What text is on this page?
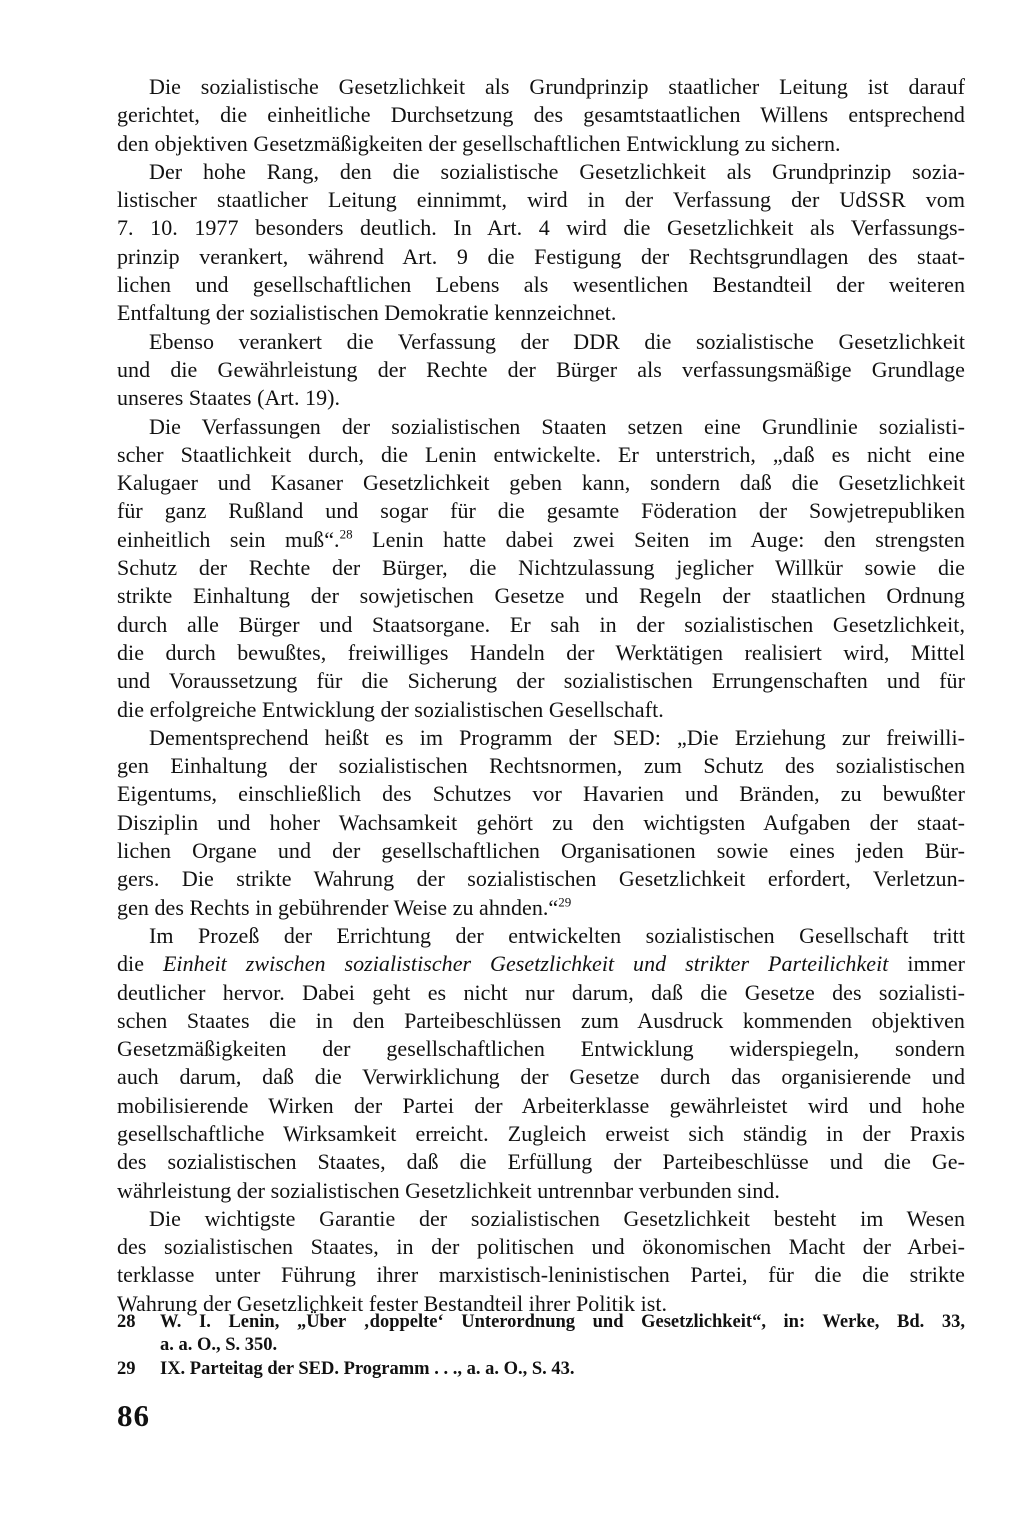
Die sozialistische Gesetzlichkeit als Grundprinzip staatlicher Leitung ist darauf
gerichtet, die einheitliche Durchsetzung des gesamtstaatlichen Willens entsprechend
den objektiven Gesetzmäßigkeiten der gesellschaftlichen Entwicklung zu sichern.

Der hohe Rang, den die sozialistische Gesetzlichkeit als Grundprinzip sozia-
listischer staatlicher Leitung einnimmt, wird in der Verfassung der UdSSR vom
7. 10. 1977 besonders deutlich. In Art. 4 wird die Gesetzlichkeit als Verfassungs-
prinzip verankert, während Art. 9 die Festigung der Rechtsgrundlagen des staat-
lichen und gesellschaftlichen Lebens als wesentlichen Bestandteil der weiteren
Entfaltung der sozialistischen Demokratie kennzeichnet.

Ebenso verankert die Verfassung der DDR die sozialistische Gesetzlichkeit
und die Gewährleistung der Rechte der Bürger als verfassungsmäßige Grundlage
unseres Staates (Art. 19).

Die Verfassungen der sozialistischen Staaten setzen eine Grundlinie sozialisti-
scher Staatlichkeit durch, die Lenin entwickelte. Er unterstrich, „daß es nicht eine
Kalugaer und Kasaner Gesetzlichkeit geben kann, sondern daß die Gesetzlichkeit
für ganz Rußland und sogar für die gesamte Föderation der Sowjetrepubliken
einheitlich sein muß“.$^{28}$ Lenin hatte dabei zwei Seiten im Auge: den strengsten
Schutz der Rechte der Bürger, die Nichtzulassung jeglicher Willkür sowie die
strikte Einhaltung der sowjetischen Gesetze und Regeln der staatlichen Ordnung
durch alle Bürger und Staatsorgane. Er sah in der sozialistischen Gesetzlichkeit,
die durch bewußtes, freiwilliges Handeln der Werktätigen realisiert wird, Mittel
und Voraussetzung für die Sicherung der sozialistischen Errungenschaften und für
die erfolgreiche Entwicklung der sozialistischen Gesellschaft.

Dementsprechend heißt es im Programm der SED: „Die Erziehung zur freiwilli-
gen Einhaltung der sozialistischen Rechtsnormen, zum Schutz des sozialistischen
Eigentums, einschließlich des Schutzes vor Havarien und Bränden, zu bewußter
Disziplin und hoher Wachsamkeit gehört zu den wichtigsten Aufgaben der staat-
lichen Organe und der gesellschaftlichen Organisationen sowie eines jeden Bür-
gers. Die strikte Wahrung der sozialistischen Gesetzlichkeit erfordert, Verletzun-
gen des Rechts in gebührender Weise zu ahnden.“$^{29}$

Im Prozeß der Errichtung der entwickelten sozialistischen Gesellschaft tritt
die Einheit zwischen sozialistischer Gesetzlichkeit und strikter Parteilichkeit immer
deutlicher hervor. Dabei geht es nicht nur darum, daß die Gesetze des sozialisti-
schen Staates die in den Parteibeschlüssen zum Ausdruck kommenden objektiven
Gesetzmäßigkeiten der gesellschaftlichen Entwicklung widerspiegeln, sondern
auch darum, daß die Verwirklichung der Gesetze durch das organisierende und
mobilisierende Wirken der Partei der Arbeiterklasse gewährleistet wird und hohe
gesellschaftliche Wirksamkeit erreicht. Zugleich erweist sich ständig in der Praxis
des sozialistischen Staates, daß die Erfüllung der Parteibeschlüsse und die Ge-
währleistung der sozialistischen Gesetzlichkeit untrennbar verbunden sind.

Die wichtigste Garantie der sozialistischen Gesetzlichkeit besteht im Wesen
des sozialistischen Staates, in der politischen und ökonomischen Macht der Arbei-
terklasse unter Führung ihrer marxistisch-leninistischen Partei, für die die strikte
Wahrung der Gesetzlichkeit fester Bestandteil ihrer Politik ist.

28	W. I. Lenin, „Über ‚doppelte‘ Unterordnung und Gesetzlichkeit“, in: Werke, Bd. 33,
a. a. O., S. 350.
29	IX. Parteitag der SED. Programm . . ., a. a. O., S. 43.
86
